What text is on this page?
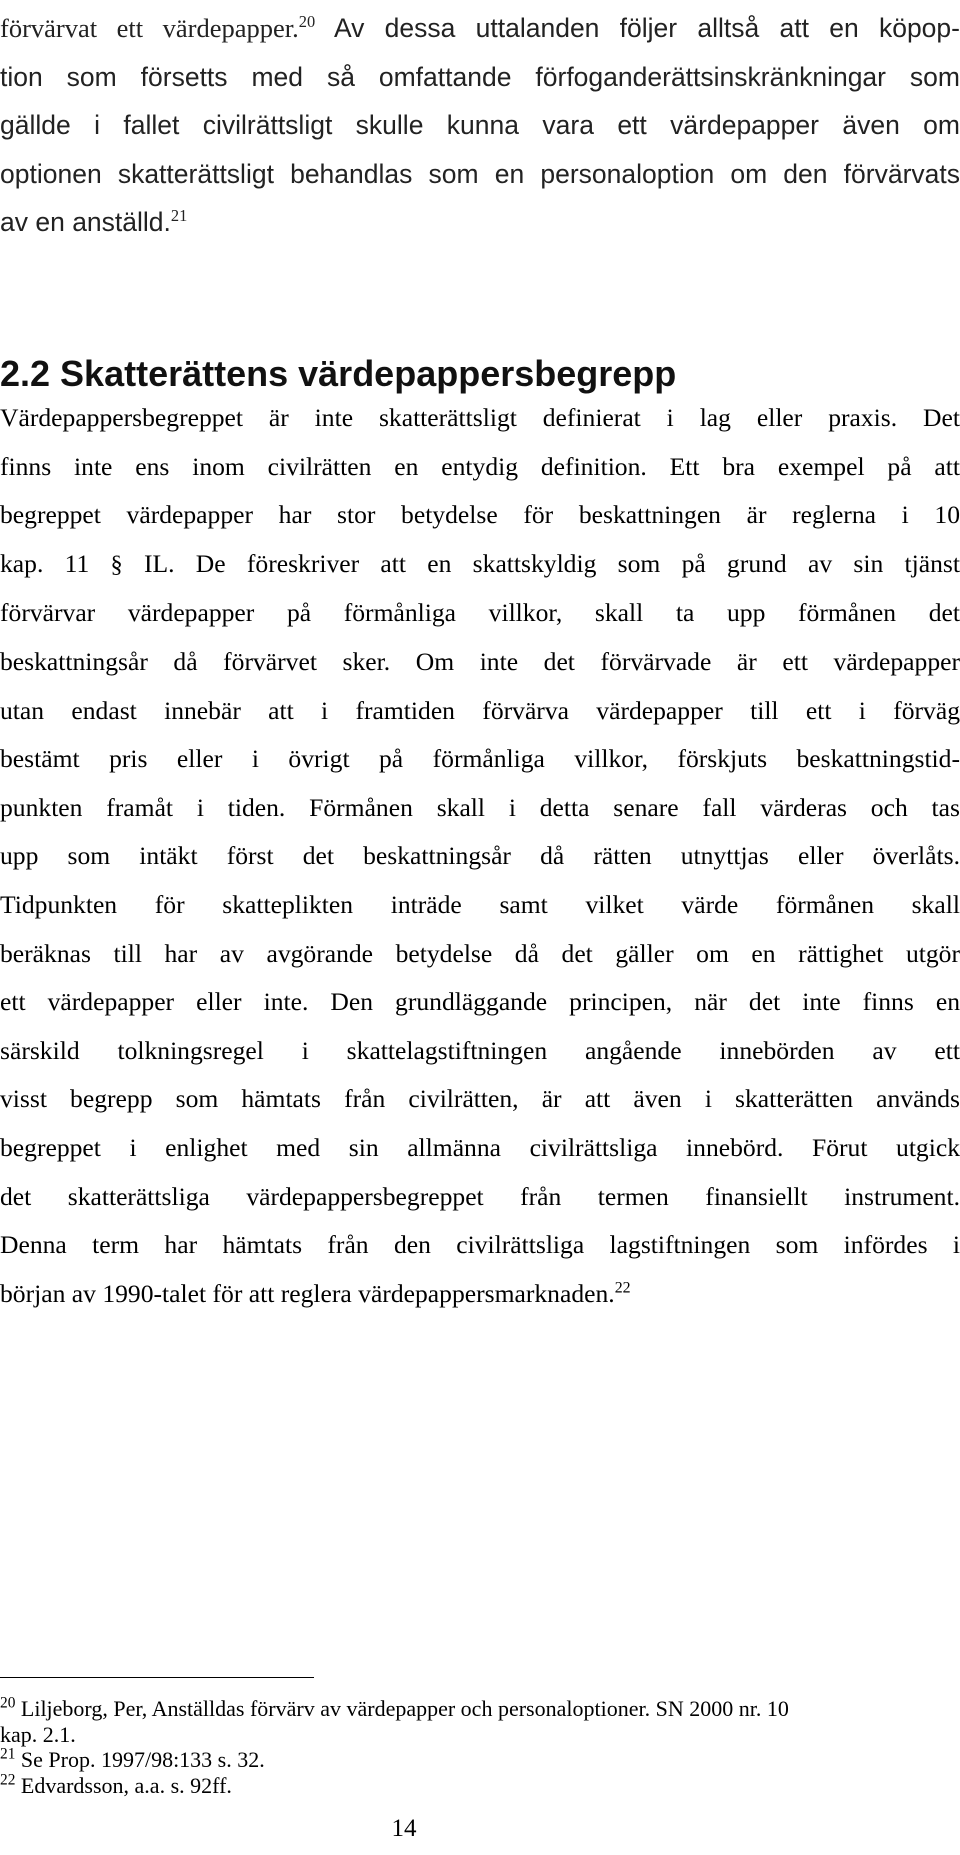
förvärvat ett värdepapper.$^{20}$ Av dessa uttalanden följer alltså att en köpop-
tion som försetts med så omfattande förfoganderättsinskränkningar som
gällde i fallet civilrättsligt skulle kunna vara ett värdepapper även om
optionen skatterättsligt behandlas som en personaloption om den förvärvats
av en anställd.$^{21}$
2.2 Skatterättens värdepappersbegrepp
Värdepappersbegreppet är inte skatterättsligt definierat i lag eller praxis. Det
finns inte ens inom civilrätten en entydig definition. Ett bra exempel på att
begreppet värdepapper har stor betydelse för beskattningen är reglerna i 10
kap. 11 § IL. De föreskriver att en skattskyldig som på grund av sin tjänst
förvärvar värdepapper på förmånliga villkor, skall ta upp förmånen det
beskattningsår då förvärvet sker. Om inte det förvärvade är ett värdepapper
utan endast innebär att i framtiden förvärva värdepapper till ett i förväg
bestämt pris eller i övrigt på förmånliga villkor, förskjuts beskattningstid-
punkten framåt i tiden. Förmånen skall i detta senare fall värderas och tas
upp som intäkt först det beskattningsår då rätten utnyttjas eller överlåts.
Tidpunkten för skatteplikten inträde samt vilket värde förmånen skall
beräknas till har av avgörande betydelse då det gäller om en rättighet utgör
ett värdepapper eller inte. Den grundläggande principen, när det inte finns en
särskild tolkningsregel i skattelagstiftningen angående innebörden av ett
visst begrepp som hämtats från civilrätten, är att även i skatterätten används
begreppet i enlighet med sin allmänna civilrättsliga innebörd. Förut utgick
det skatterättsliga värdepappersbegreppet från termen finansiellt instrument.
Denna term har hämtats från den civilrättsliga lagstiftningen som infördes i
början av 1990-talet för att reglera värdepappersmarknaden.$^{22}$
$^{20}$ Liljeborg, Per, Anställdas förvärv av värdepapper och personaloptioner. SN 2000 nr. 10
kap. 2.1.
$^{21}$ Se Prop. 1997/98:133 s. 32.
$^{22}$ Edvardsson, a.a. s. 92ff.
14
